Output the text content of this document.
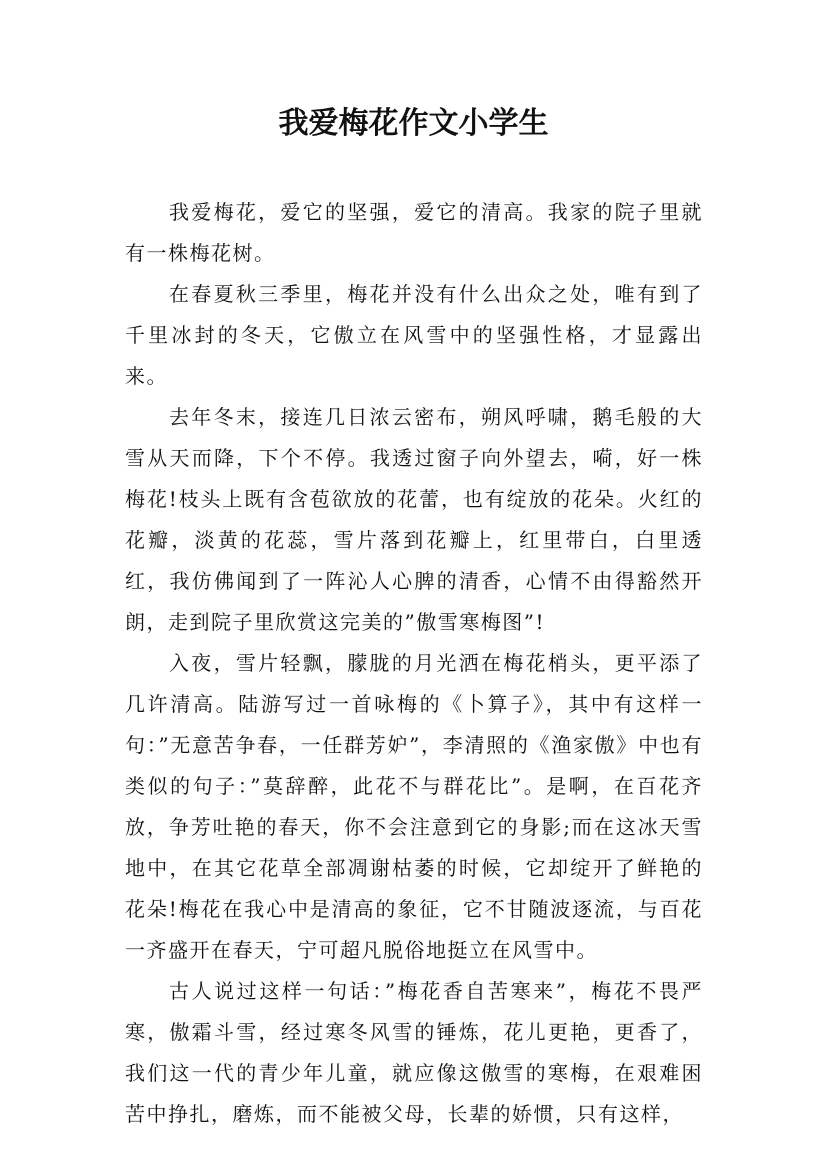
我爱梅花作文小学生

我爱梅花，爱它的坚强，爱它的清高。我家的院子里就有一株梅花树。

在春夏秋三季里，梅花并没有什么出众之处，唯有到了千里冰封的冬天，它傲立在风雪中的坚强性格，才显露出来。

去年冬末，接连几日浓云密布，朔风呼啸，鹅毛般的大雪从天而降，下个不停。我透过窗子向外望去，嗬，好一株梅花!枝头上既有含苞欲放的花蕾，也有绽放的花朵。火红的花瓣，淡黄的花蕊，雪片落到花瓣上，红里带白，白里透红，我仿佛闻到了一阵沁人心脾的清香，心情不由得豁然开朗，走到院子里欣赏这完美的”傲雪寒梅图”!

入夜，雪片轻飘，朦胧的月光洒在梅花梢头，更平添了几许清高。陆游写过一首咏梅的《卜算子》，其中有这样一句：”无意苦争春，一任群芳妒”，李清照的《渔家傲》中也有类似的句子：”莫辞醉，此花不与群花比”。是啊，在百花齐放，争芳吐艳的春天，你不会注意到它的身影;而在这冰天雪地中，在其它花草全部凋谢枯萎的时候，它却绽开了鲜艳的花朵!梅花在我心中是清高的象征，它不甘随波逐流，与百花一齐盛开在春天，宁可超凡脱俗地挺立在风雪中。

古人说过这样一句话：”梅花香自苦寒来”，梅花不畏严寒，傲霜斗雪，经过寒冬风雪的锤炼，花儿更艳，更香了，我们这一代的青少年儿童，就应像这傲雪的寒梅，在艰难困苦中挣扎，磨炼，而不能被父母，长辈的娇惯，只有这样，
